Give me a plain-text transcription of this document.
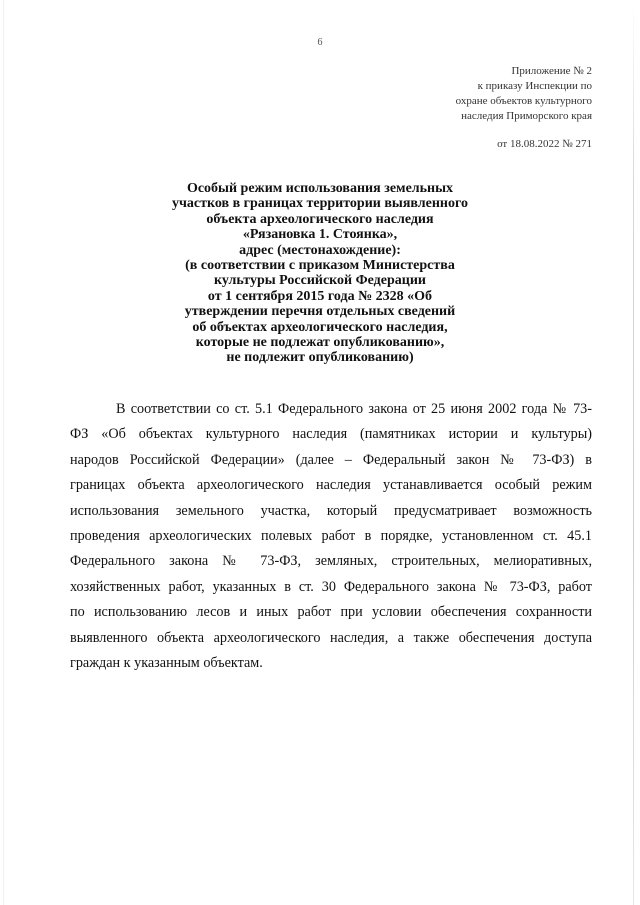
6
Приложение № 2
к приказу Инспекции по
охране объектов культурного
наследия Приморского края
от 18.08.2022 № 271
Особый режим использования земельных
участков в границах территории выявленного
объекта археологического наследия
«Рязановка 1. Стоянка»,
адрес (местонахождение):
(в соответствии с приказом Министерства
культуры Российской Федерации
от 1 сентября 2015 года № 2328 «Об
утверждении перечня отдельных сведений
об объектах археологического наследия,
которые не подлежат опубликованию»,
не подлежит опубликованию)
В соответствии со ст. 5.1 Федерального закона от 25 июня 2002 года № 73-
ФЗ «Об объектах культурного наследия (памятниках истории и культуры)
народов Российской Федерации» (далее – Федеральный закон № 73-ФЗ) в
границах объекта археологического наследия устанавливается особый режим
использования земельного участка, который предусматривает возможность
проведения археологических полевых работ в порядке, установленном ст. 45.1
Федерального закона № 73-ФЗ, земляных, строительных, мелиоративных,
хозяйственных работ, указанных в ст. 30 Федерального закона № 73-ФЗ, работ
по использованию лесов и иных работ при условии обеспечения сохранности
выявленного объекта археологического наследия, а также обеспечения доступа
граждан к указанным объектам.
